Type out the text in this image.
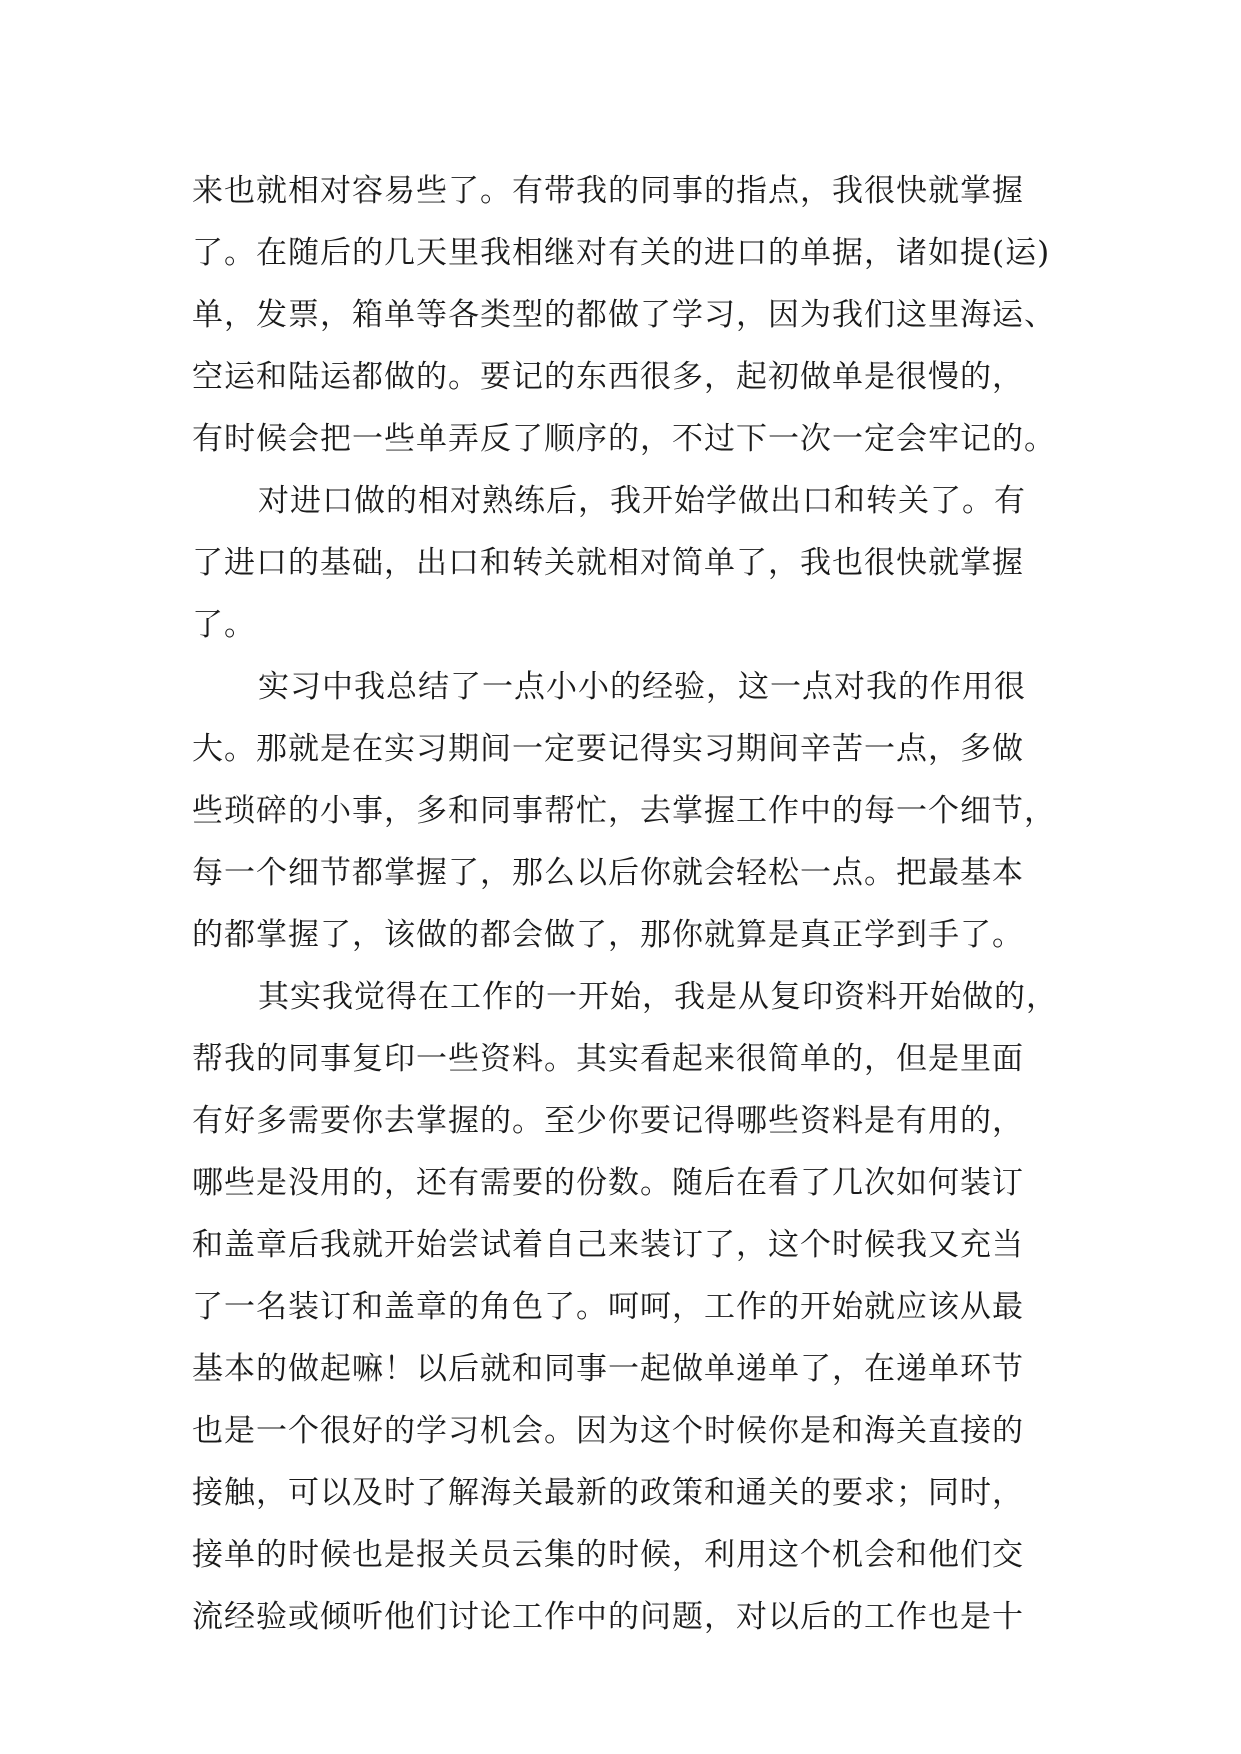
来也就相对容易些了。有带我的同事的指点，我很快就掌握
了。在随后的几天里我相继对有关的进口的单据，诸如提(运)
单，发票，箱单等各类型的都做了学习，因为我们这里海运、
空运和陆运都做的。要记的东西很多，起初做单是很慢的，
有时候会把一些单弄反了顺序的，不过下一次一定会牢记的。
对进口做的相对熟练后，我开始学做出口和转关了。有
了进口的基础，出口和转关就相对简单了，我也很快就掌握
了。
实习中我总结了一点小小的经验，这一点对我的作用很
大。那就是在实习期间一定要记得实习期间辛苦一点，多做
些琐碎的小事，多和同事帮忙，去掌握工作中的每一个细节，
每一个细节都掌握了，那么以后你就会轻松一点。把最基本
的都掌握了，该做的都会做了，那你就算是真正学到手了。
其实我觉得在工作的一开始，我是从复印资料开始做的，
帮我的同事复印一些资料。其实看起来很简单的，但是里面
有好多需要你去掌握的。至少你要记得哪些资料是有用的，
哪些是没用的，还有需要的份数。随后在看了几次如何装订
和盖章后我就开始尝试着自己来装订了，这个时候我又充当
了一名装订和盖章的角色了。呵呵，工作的开始就应该从最
基本的做起嘛！以后就和同事一起做单递单了，在递单环节
也是一个很好的学习机会。因为这个时候你是和海关直接的
接触，可以及时了解海关最新的政策和通关的要求；同时，
接单的时候也是报关员云集的时候，利用这个机会和他们交
流经验或倾听他们讨论工作中的问题，对以后的工作也是十
